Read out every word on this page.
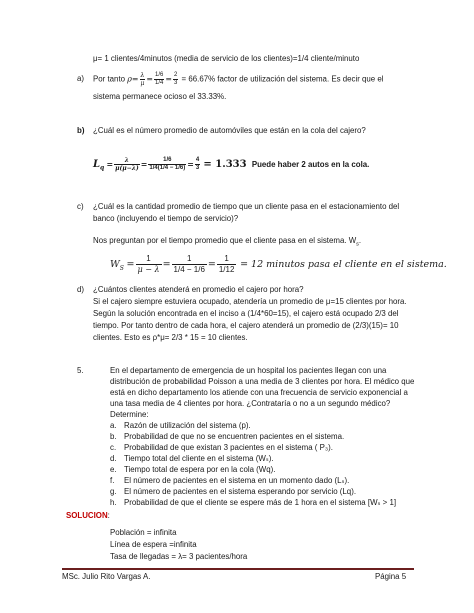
μ= 1 clientes/4minutos (media de servicio de los clientes)=1/4 cliente/minuto
a) Por tanto $\rho= \frac{\lambda}{\mu} = \frac{1/6}{1/4} = \frac{2}{3} = 66.67\%$ factor de utilización del sistema. Es decir que el
sistema permanece ocioso el 33.33%.
b) ¿Cuál es el número promedio de automóviles que están en la cola del cajero?
$L_q = \frac{\lambda}{\mu(\mu-\lambda)} = \frac{1/6}{1/4(1/4 - 1/6)} = \frac{4}{3} = 1.333$ Puede haber 2 autos en la cola.
c) ¿Cuál es la cantidad promedio de tiempo que un cliente pasa en el estacionamiento del
banco (incluyendo el tiempo de servicio)?
Nos preguntan por el tiempo promedio que el cliente pasa en el sistema. $W_s$.
$W_S = \frac{1}{\mu - \lambda} = \frac{1}{1/4 - 1/6} = \frac{1}{1/12} = 12$ minutos pasa el cliente en el sistema.
d) ¿Cuántos clientes atenderá en promedio el cajero por hora?
Si el cajero siempre estuviera ocupado, atendería un promedio de μ=15 clientes por hora.
Según la solución encontrada en el inciso a (1/4*60=15), el cajero está ocupado 2/3 del
tiempo. Por tanto dentro de cada hora, el cajero atenderá un promedio de (2/3)(15)= 10
clientes. Esto es ρ*μ= 2/3 * 15 = 10 clientes.
5.	En el departamento de emergencia de un hospital los pacientes llegan con una
distribución de probabilidad Poisson a una media de 3 clientes por hora. El médico que
está en dicho departamento los atiende con una frecuencia de servicio exponencial a
una tasa media de 4 clientes por hora. ¿Contrataría o no a un segundo médico?
Determine:
a. Razón de utilización del sistema (p).
b. Probabilidad de que no se encuentren pacientes en el sistema.
c. Probabilidad de que existan 3 pacientes en el sistema ( P₃).
d. Tiempo total del cliente en el sistema (Wₛ).
e. Tiempo total de espera por en la cola (Wq).
f. El número de pacientes en el sistema en un momento dado (Lₛ).
g. El número de pacientes en el sistema esperando por servicio (Lq).
h. Probabilidad de que el cliente se espere más de 1 hora en el sistema [Wₛ > 1]
SOLUCION:
Población = infinita
Línea de espera =infinita
Tasa de llegadas = λ= 3 pacientes/hora
MSc. Julio Rito Vargas A.	Página 5
